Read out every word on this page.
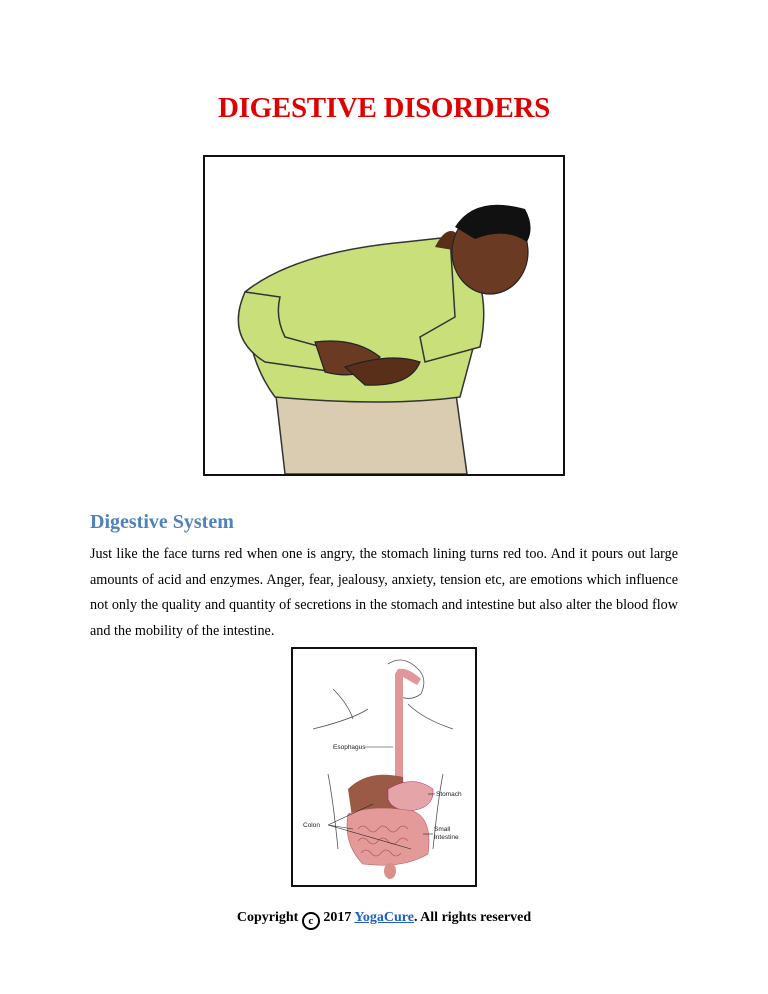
DIGESTIVE DISORDERS
Digestive System
Just like the face turns red when one is angry, the stomach lining turns red too. And it pours out large amounts of acid and enzymes. Anger, fear, jealousy, anxiety, tension etc, are emotions which influence not only the quality and quantity of secretions in the stomach and intestine but also alter the blood flow and the mobility of the intestine.
Esophagus
Stomach
Colon
Small
Intestine
Copyright c 2017 YogaCure. All rights reserved
